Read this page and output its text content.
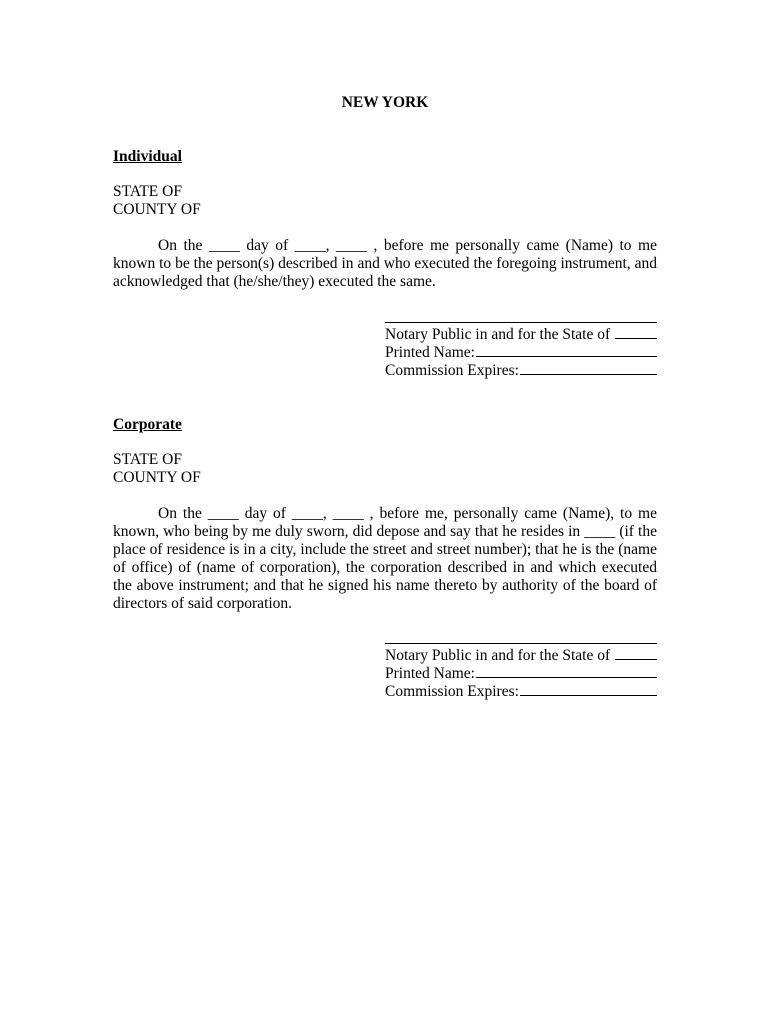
NEW YORK
Individual
STATE OF
COUNTY OF
On the ____ day of ____, ____ , before me personally came (Name) to me known to be the person(s) described in and who executed the foregoing instrument, and acknowledged that (he/she/they) executed the same.
Notary Public in and for the State of
Printed Name:
Commission Expires:
Corporate
STATE OF
COUNTY OF
On the ____ day of ____, ____ , before me, personally came (Name), to me known, who being by me duly sworn, did depose and say that he resides in ____ (if the place of residence is in a city, include the street and street number); that he is the (name of office) of (name of corporation), the corporation described in and which executed the above instrument; and that he signed his name thereto by authority of the board of directors of said corporation.
Notary Public in and for the State of
Printed Name:
Commission Expires:
